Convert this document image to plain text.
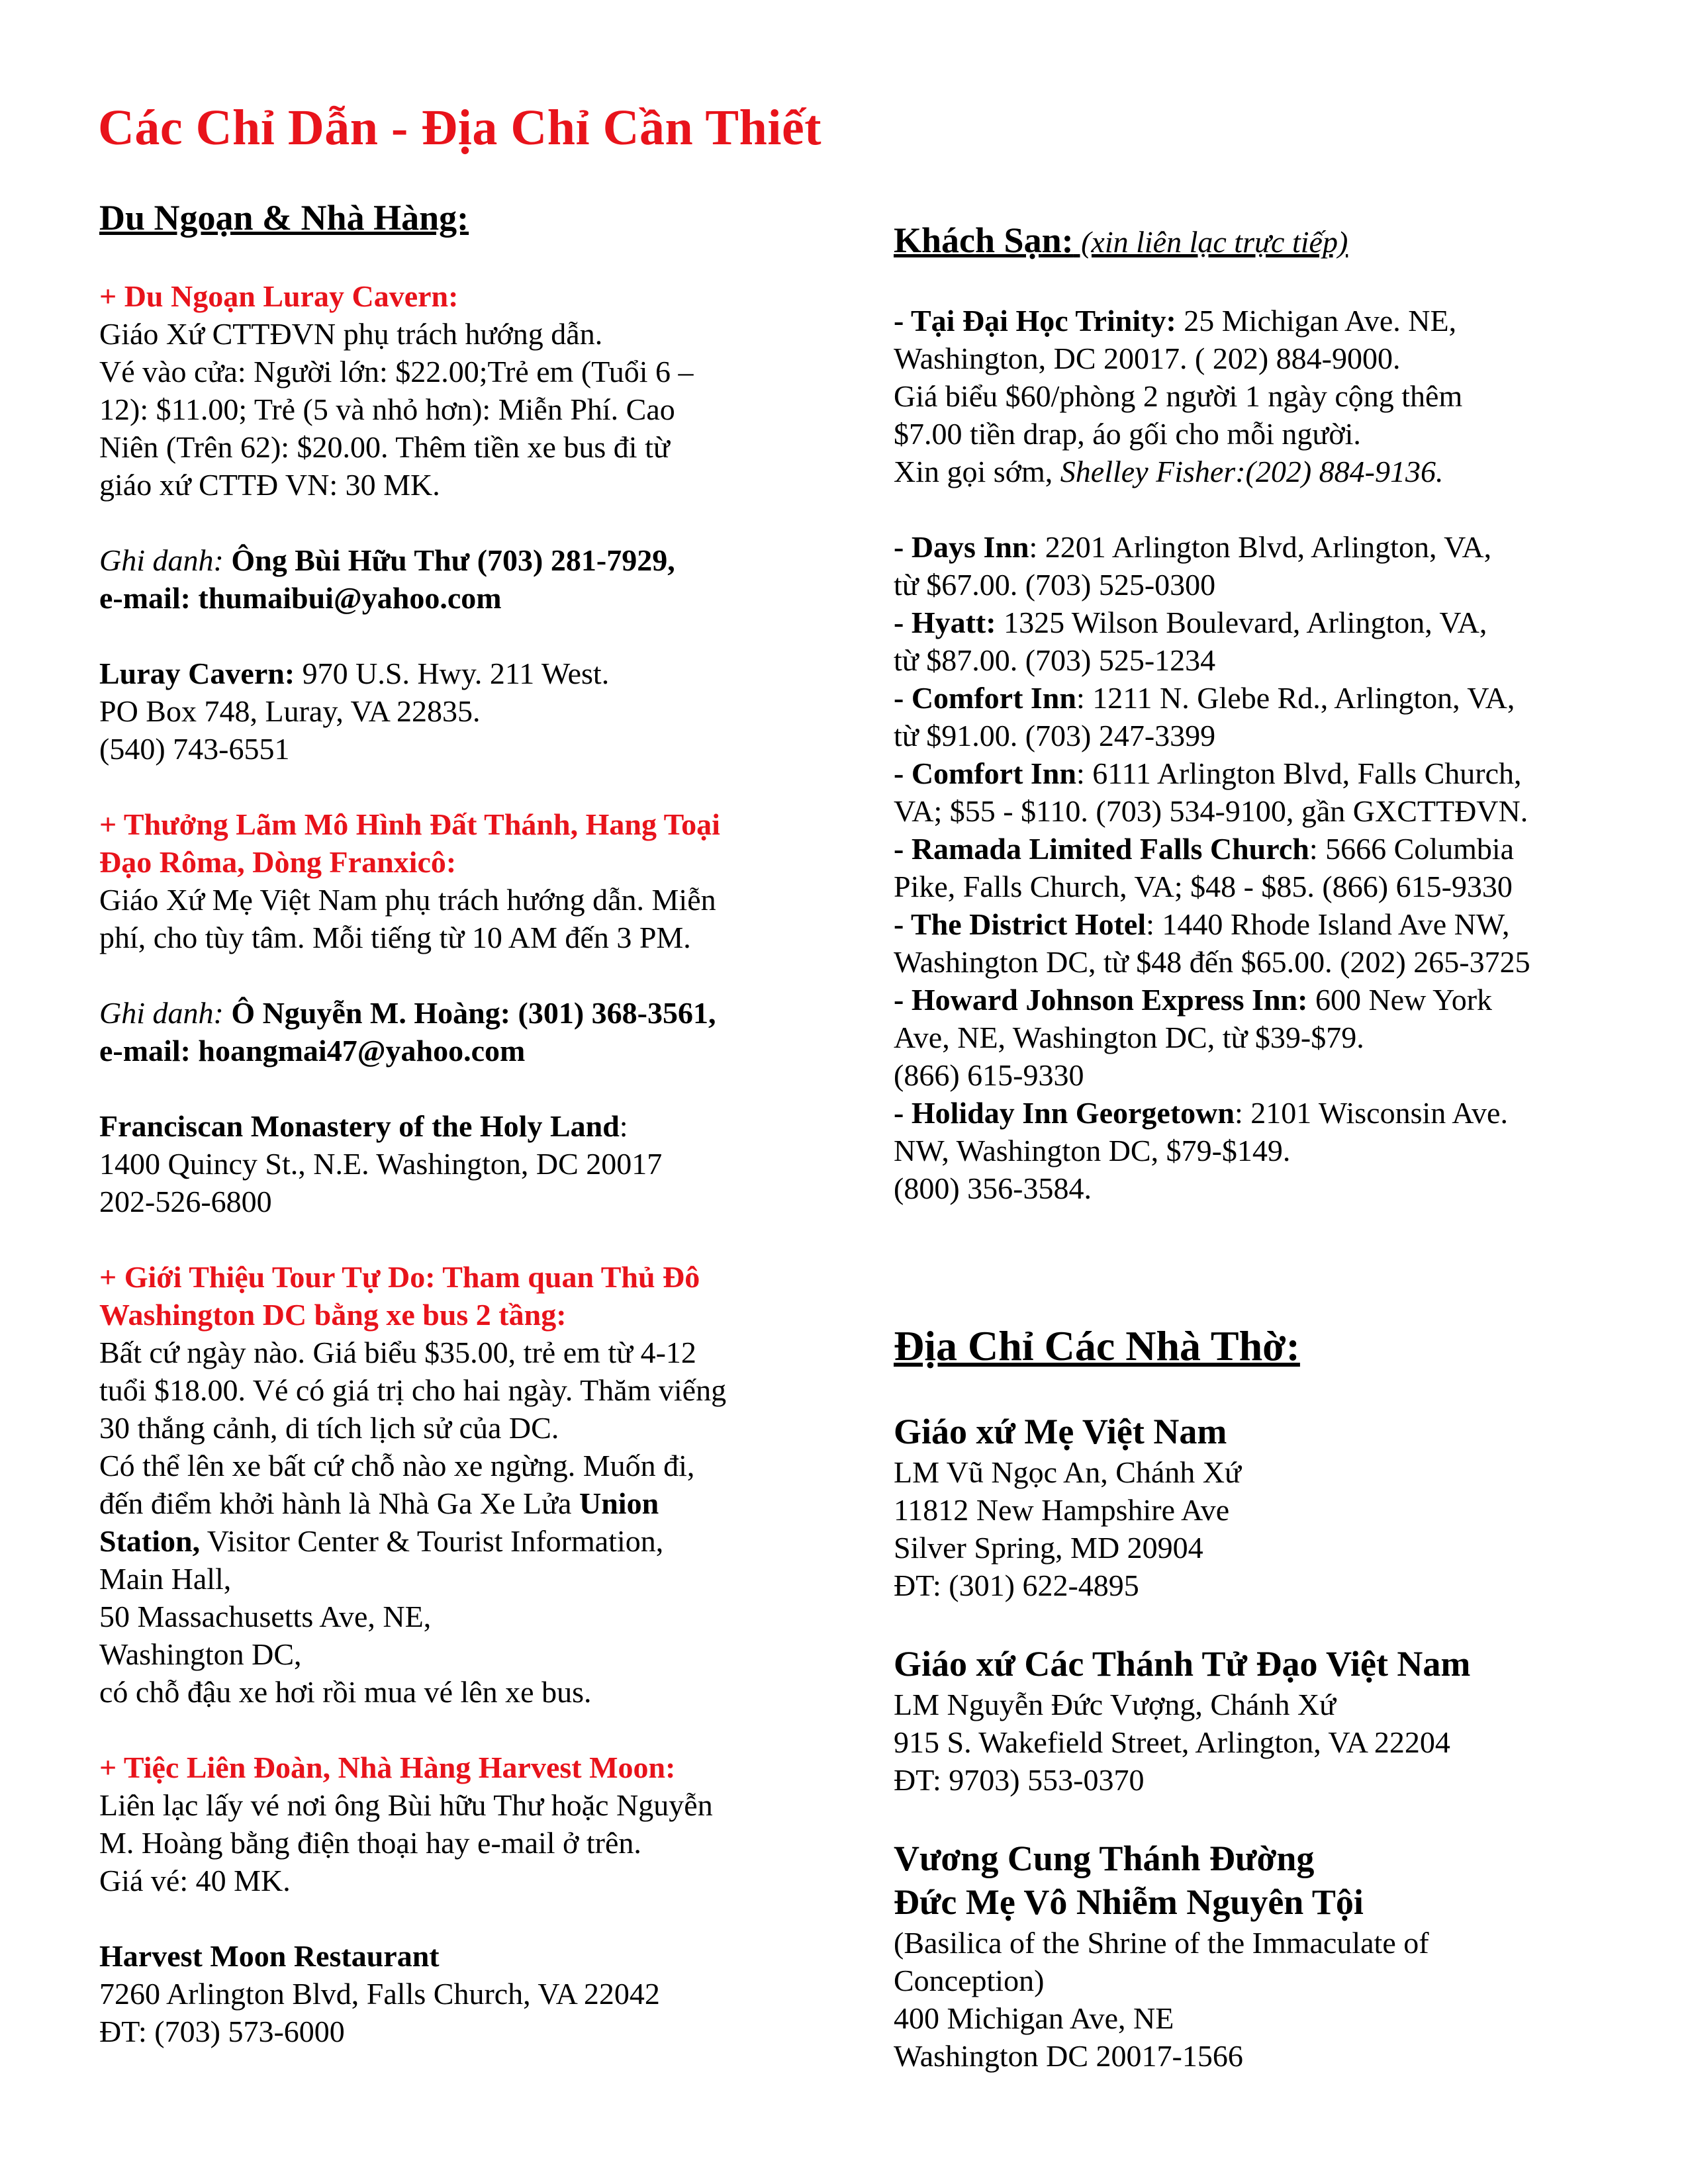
Các Chỉ Dẫn - Địa Chỉ Cần Thiết
Du Ngoạn & Nhà Hàng:
+ Du Ngoạn Luray Cavern:
Giáo Xứ CTTĐVN phụ trách hướng dẫn.
Vé vào cửa: Người lớn: $22.00;Trẻ em (Tuổi 6 –
12): $11.00; Trẻ (5 và nhỏ hơn): Miễn Phí. Cao
Niên (Trên 62): $20.00. Thêm tiền xe bus đi từ
giáo xứ CTTĐ VN: 30 MK.
Ghi danh: Ông Bùi Hữu Thư (703) 281-7929,
e-mail: thumaibui@yahoo.com
Luray Cavern: 970 U.S. Hwy. 211 West.
PO Box 748, Luray, VA 22835.
(540) 743-6551
+ Thưởng Lãm Mô Hình Đất Thánh, Hang Toại
Đạo Rôma, Dòng Franxicô:
Giáo Xứ Mẹ Việt Nam phụ trách hướng dẫn. Miễn
phí, cho tùy tâm. Mỗi tiếng từ 10 AM đến 3 PM.
Ghi danh: Ô Nguyễn M. Hoàng: (301) 368-3561,
e-mail: hoangmai47@yahoo.com
Franciscan Monastery of the Holy Land:
1400 Quincy St., N.E. Washington, DC 20017
202-526-6800
+ Giới Thiệu Tour Tự Do: Tham quan Thủ Đô
Washington DC bằng xe bus 2 tầng:
Bất cứ ngày nào. Giá biểu $35.00, trẻ em từ 4-12
tuổi $18.00. Vé có giá trị cho hai ngày. Thăm viếng
30 thắng cảnh, di tích lịch sử của DC.
Có thể lên xe bất cứ chỗ nào xe ngừng. Muốn đi,
đến điểm khởi hành là Nhà Ga Xe Lửa Union
Station, Visitor Center & Tourist Information,
Main Hall,
50 Massachusetts Ave, NE,
Washington DC,
có chỗ đậu xe hơi rồi mua vé lên xe bus.
+ Tiệc Liên Đoàn, Nhà Hàng Harvest Moon:
Liên lạc lấy vé nơi ông Bùi hữu Thư hoặc Nguyễn
M. Hoàng bằng điện thoại hay e-mail ở trên.
Giá vé: 40 MK.
Harvest Moon Restaurant
7260 Arlington Blvd, Falls Church, VA 22042
ĐT: (703) 573-6000
Khách Sạn: (xin liên lạc trực tiếp)
- Tại Đại Học Trinity: 25 Michigan Ave. NE,
Washington, DC 20017. ( 202) 884-9000.
Giá biểu $60/phòng 2 người 1 ngày cộng thêm
$7.00 tiền drap, áo gối cho mỗi người.
Xin gọi sớm, Shelley Fisher:(202) 884-9136.
- Days Inn: 2201 Arlington Blvd, Arlington, VA,
từ $67.00. (703) 525-0300
- Hyatt: 1325 Wilson Boulevard, Arlington, VA,
từ $87.00. (703) 525-1234
- Comfort Inn: 1211 N. Glebe Rd., Arlington, VA,
từ $91.00. (703) 247-3399
- Comfort Inn: 6111 Arlington Blvd, Falls Church,
VA; $55 - $110. (703) 534-9100, gần GXCTTĐVN.
- Ramada Limited Falls Church: 5666 Columbia
Pike, Falls Church, VA; $48 - $85. (866) 615-9330
- The District Hotel: 1440 Rhode Island Ave NW,
Washington DC, từ $48 đến $65.00. (202) 265-3725
- Howard Johnson Express Inn: 600 New York
Ave, NE, Washington DC, từ $39-$79.
(866) 615-9330
- Holiday Inn Georgetown: 2101 Wisconsin Ave.
NW, Washington DC, $79-$149.
(800) 356-3584.
Địa Chỉ Các Nhà Thờ:
Giáo xứ Mẹ Việt Nam
LM Vũ Ngọc An, Chánh Xứ
11812 New Hampshire Ave
Silver Spring, MD 20904
ĐT: (301) 622-4895
Giáo xứ Các Thánh Tử Đạo Việt Nam
LM Nguyễn Đức Vượng, Chánh Xứ
915 S. Wakefield Street, Arlington, VA 22204
ĐT: 9703) 553-0370
Vương Cung Thánh Đường
Đức Mẹ Vô Nhiễm Nguyên Tội
(Basilica of the Shrine of the Immaculate of
Conception)
400 Michigan Ave, NE
Washington DC 20017-1566
